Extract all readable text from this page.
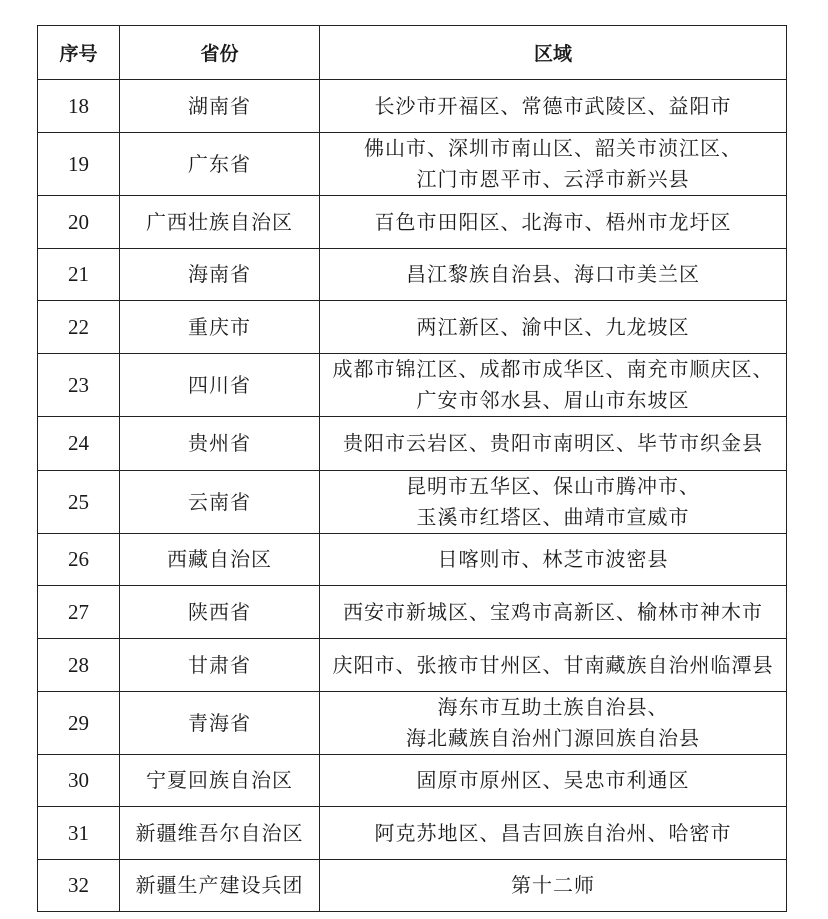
序号	省份	区域
18	湖南省	长沙市开福区、常德市武陵区、益阳市

19	广东省	佛山市、深圳市南山区、韶关市浈江区、
江门市恩平市、云浮市新兴县

20	广西壮族自治区	百色市田阳区、北海市、梧州市龙圩区

21	海南省	昌江黎族自治县、海口市美兰区

22	重庆市	两江新区、渝中区、九龙坡区

23	四川省	成都市锦江区、成都市成华区、南充市顺庆区、
广安市邻水县、眉山市东坡区

24	贵州省	贵阳市云岩区、贵阳市南明区、毕节市织金县

25	云南省	昆明市五华区、保山市腾冲市、
玉溪市红塔区、曲靖市宣威市

26	西藏自治区	日喀则市、林芝市波密县

27	陕西省	西安市新城区、宝鸡市高新区、榆林市神木市

28	甘肃省	庆阳市、张掖市甘州区、甘南藏族自治州临潭县

29	青海省	海东市互助土族自治县、
海北藏族自治州门源回族自治县

30	宁夏回族自治区	固原市原州区、吴忠市利通区

31	新疆维吾尔自治区	阿克苏地区、昌吉回族自治州、哈密市

32	新疆生产建设兵团	第十二师
